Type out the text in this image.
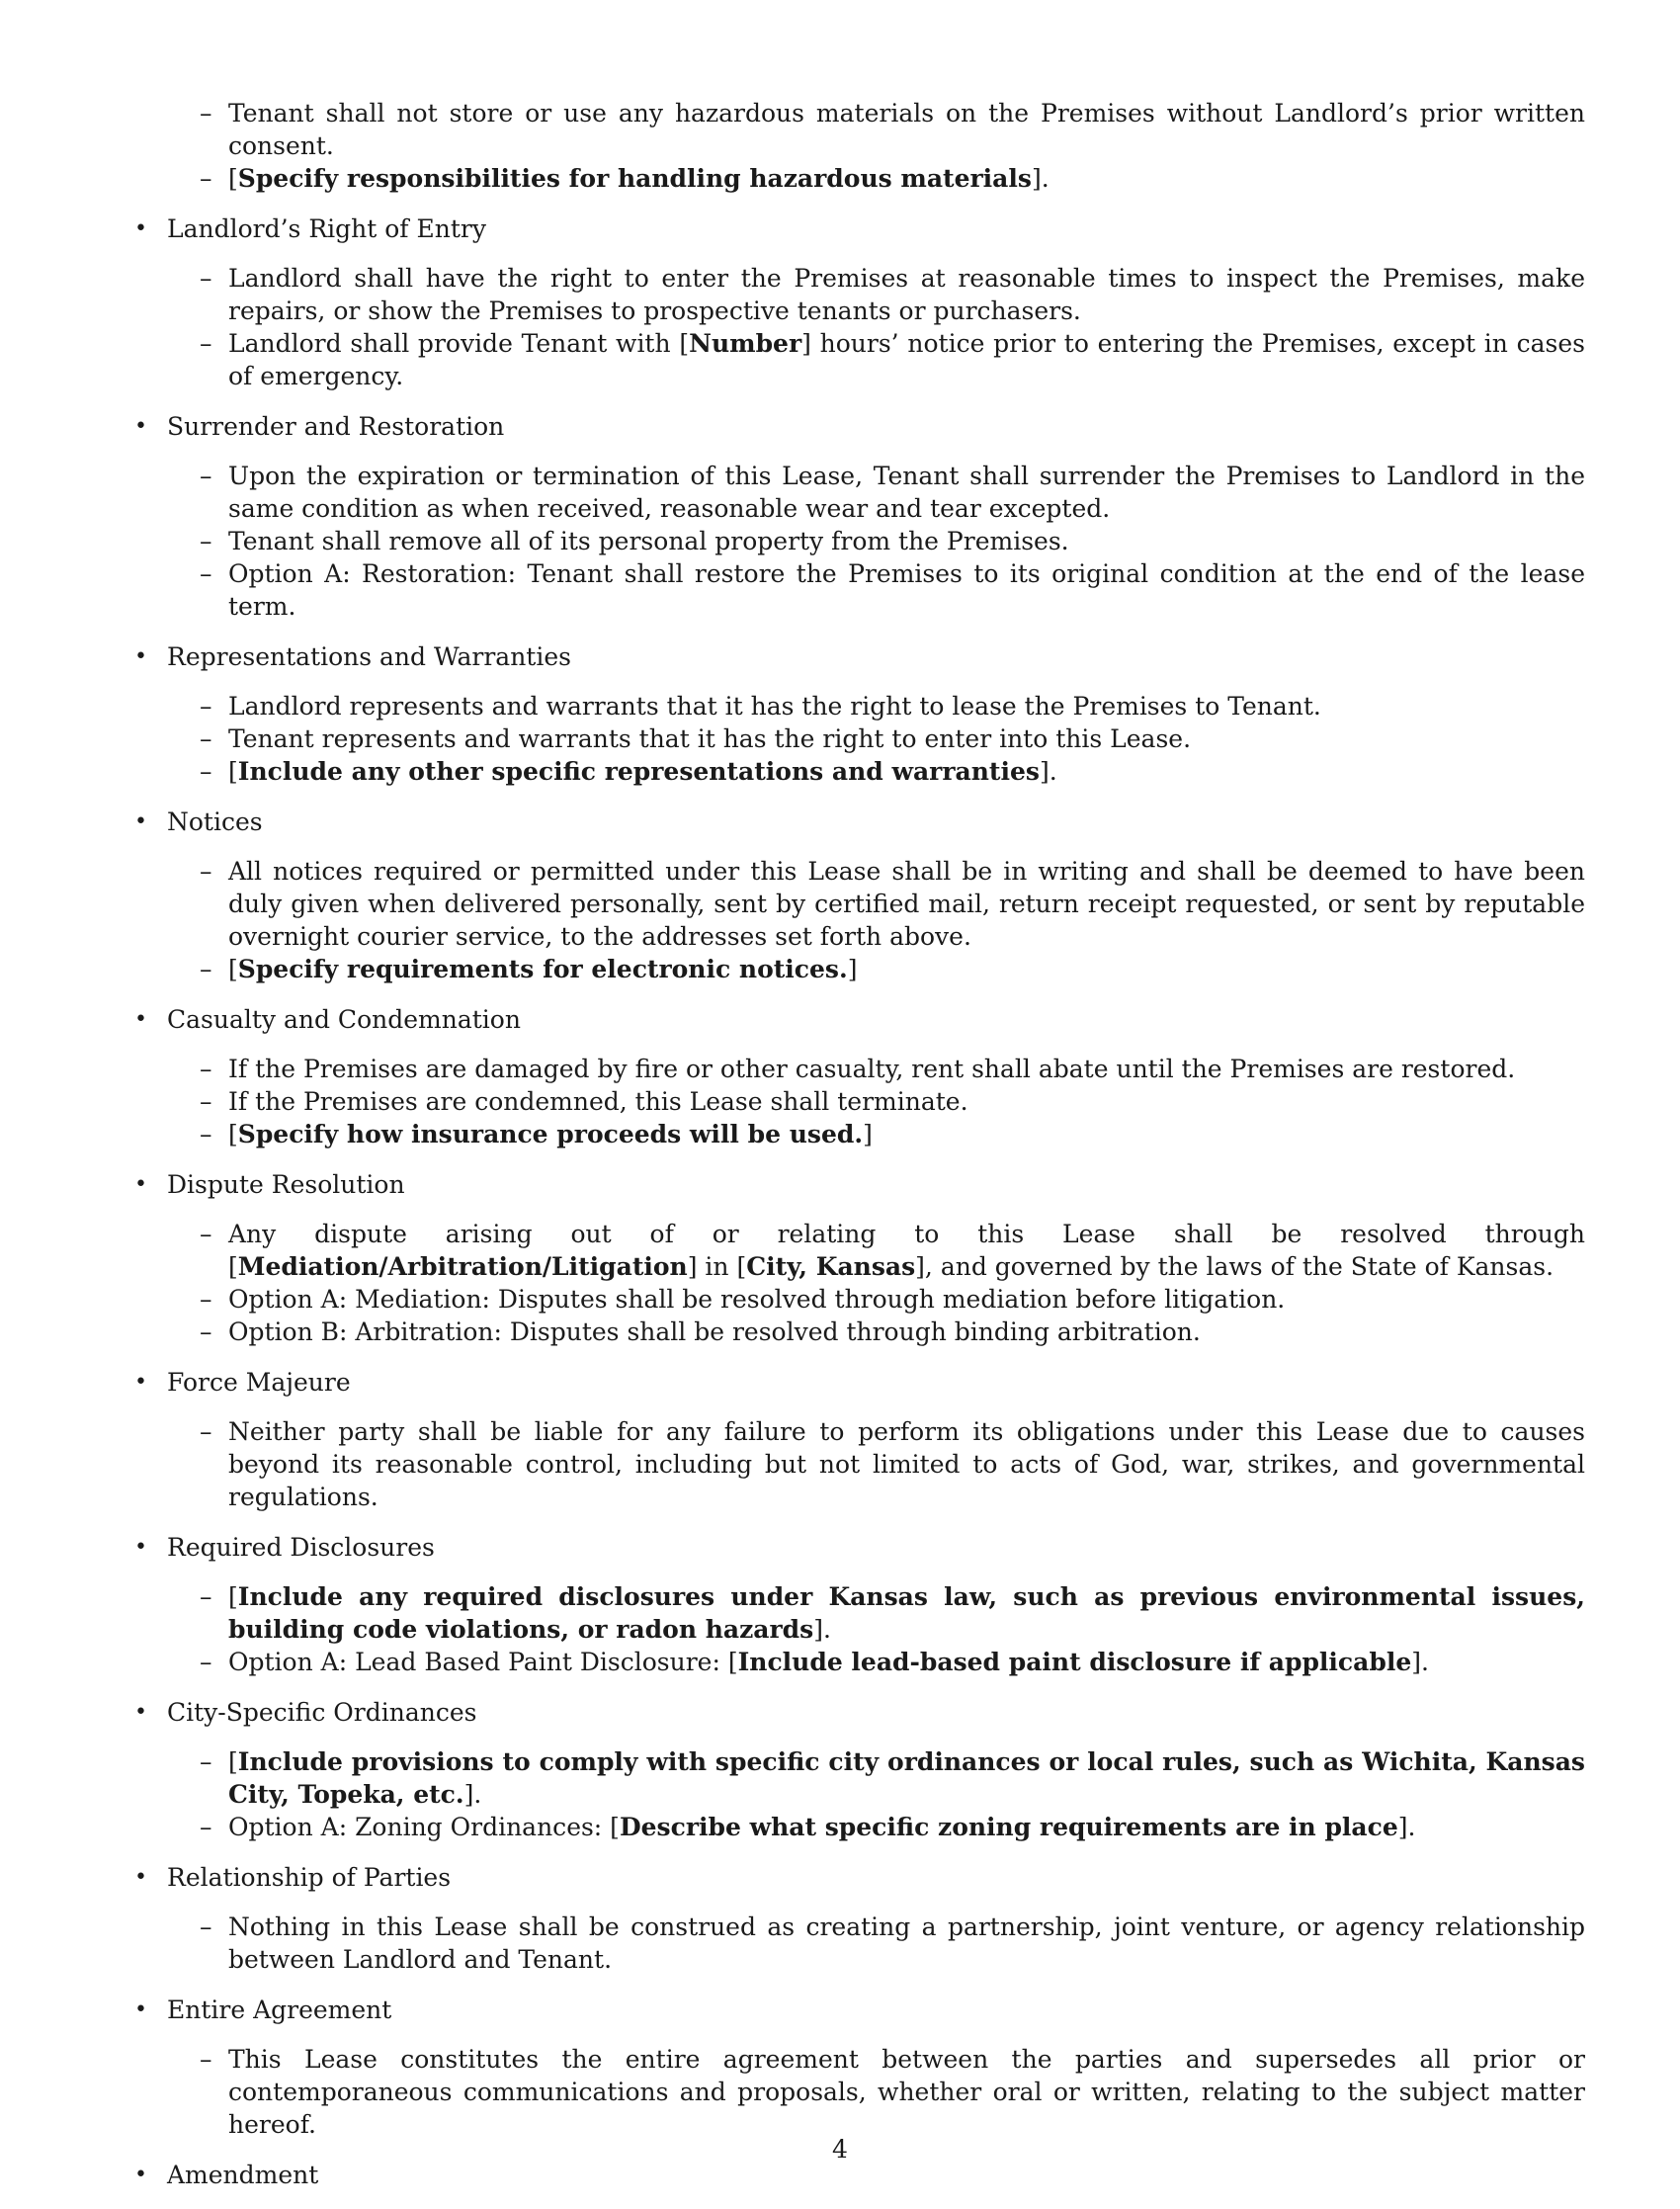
– Tenant shall not store or use any hazardous materials on the Premises without Landlord’s prior written consent.
– [Specify responsibilities for handling hazardous materials].
• Landlord’s Right of Entry
– Landlord shall have the right to enter the Premises at reasonable times to inspect the Premises, make repairs, or show the Premises to prospective tenants or purchasers.
– Landlord shall provide Tenant with [Number] hours’ notice prior to entering the Premises, except in cases of emergency.
• Surrender and Restoration
– Upon the expiration or termination of this Lease, Tenant shall surrender the Premises to Landlord in the same condition as when received, reasonable wear and tear excepted.
– Tenant shall remove all of its personal property from the Premises.
– Option A: Restoration: Tenant shall restore the Premises to its original condition at the end of the lease term.
• Representations and Warranties
– Landlord represents and warrants that it has the right to lease the Premises to Tenant.
– Tenant represents and warrants that it has the right to enter into this Lease.
– [Include any other specific representations and warranties].
• Notices
– All notices required or permitted under this Lease shall be in writing and shall be deemed to have been duly given when delivered personally, sent by certified mail, return receipt requested, or sent by reputable overnight courier service, to the addresses set forth above.
– [Specify requirements for electronic notices.]
• Casualty and Condemnation
– If the Premises are damaged by fire or other casualty, rent shall abate until the Premises are restored.
– If the Premises are condemned, this Lease shall terminate.
– [Specify how insurance proceeds will be used.]
• Dispute Resolution
– Any dispute arising out of or relating to this Lease shall be resolved through [Mediation/Arbitration/Litigation] in [City, Kansas], and governed by the laws of the State of Kansas.
– Option A: Mediation: Disputes shall be resolved through mediation before litigation.
– Option B: Arbitration: Disputes shall be resolved through binding arbitration.
• Force Majeure
– Neither party shall be liable for any failure to perform its obligations under this Lease due to causes beyond its reasonable control, including but not limited to acts of God, war, strikes, and governmental regulations.
• Required Disclosures
– [Include any required disclosures under Kansas law, such as previous environmental issues, building code violations, or radon hazards].
– Option A: Lead Based Paint Disclosure: [Include lead-based paint disclosure if applicable].
• City-Specific Ordinances
– [Include provisions to comply with specific city ordinances or local rules, such as Wichita, Kansas City, Topeka, etc.].
– Option A: Zoning Ordinances: [Describe what specific zoning requirements are in place].
• Relationship of Parties
– Nothing in this Lease shall be construed as creating a partnership, joint venture, or agency relationship between Landlord and Tenant.
• Entire Agreement
– This Lease constitutes the entire agreement between the parties and supersedes all prior or contemporaneous communications and proposals, whether oral or written, relating to the subject matter hereof.
• Amendment
4
